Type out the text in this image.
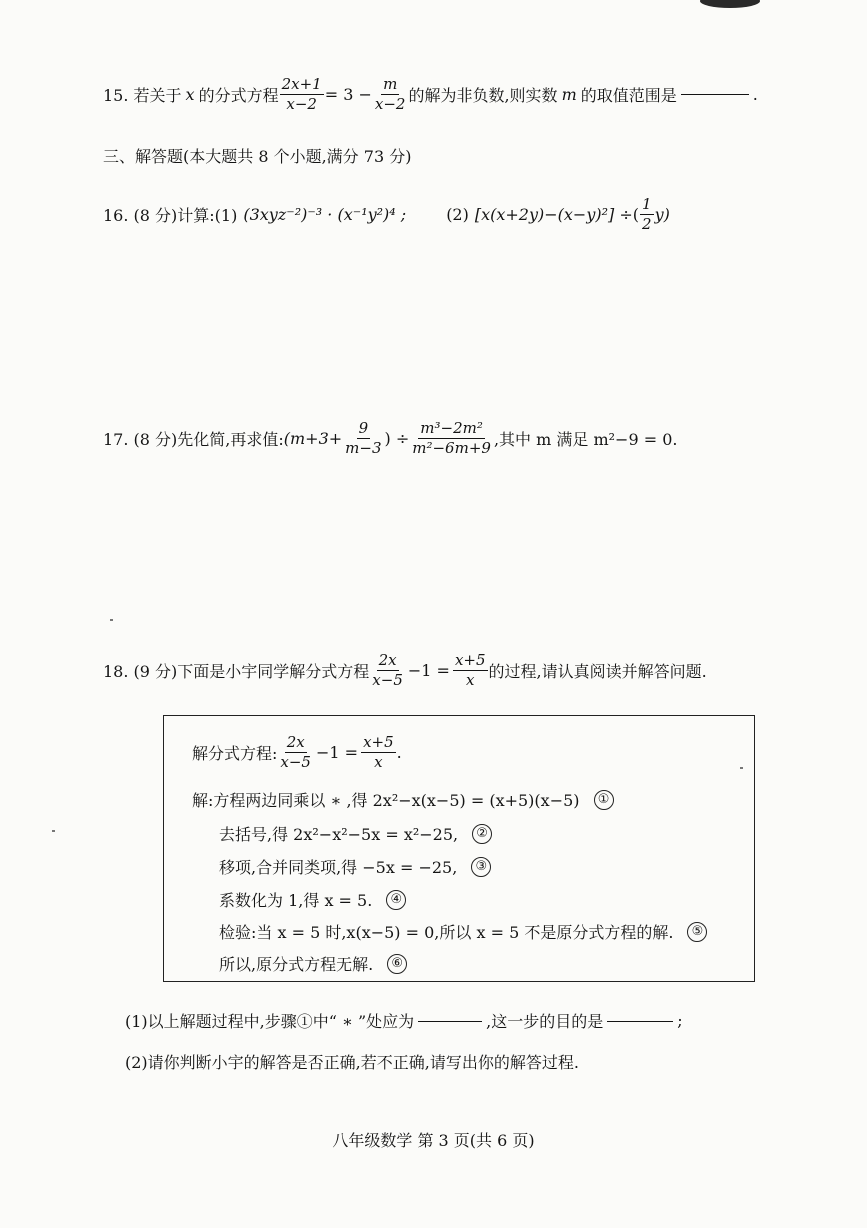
15. 若关于 x 的分式方程 $\frac{2x+1}{x-2} = 3 - \frac{m}{x-2}$ 的解为非负数,则实数 m 的取值范围是	.
三、解答题(本大题共 8 个小题,满分 73 分)
16. (8 分)计算:(1) (3xyz⁻²)⁻³ · (x⁻¹y²)⁴ ;	(2) [x(x+2y)−(x−y)²] ÷ ( $\frac{1}{2} y$)
17. (8 分)先化简,再求值: ($m+3+ \frac{9}{m-3}$ ) ÷ $\frac{\text{m³−2m²}}{\text{m²−6m+9}}$ ,其中 m 满足 m²−9 = 0.
18. (9 分)下面是小宇同学解分式方程 $\frac{2x}{x-5} -1 = \frac{x+5}{x}$ 的过程,请认真阅读并解答问题.
解分式方程: $\frac{2x}{x-5} -1 = \frac{x+5}{x}$ .
解:方程两边同乘以 ∗ ,得 2x²−x(x−5) = (x+5)(x−5)	①
去括号,得 2x²−x²−5x = x²−25,	②
移项,合并同类项,得 −5x = −25,	③
系数化为 1,得 x = 5.	④
检验:当 x = 5 时,x(x−5) = 0,所以 x = 5 不是原分式方程的解.	⑤
所以,原分式方程无解.	⑥
(1)以上解题过程中,步骤①中“ ∗ ”处应为	,这一步的目的是	;
(2)请你判断小宇的解答是否正确,若不正确,请写出你的解答过程.
八年级数学 第 3 页(共 6 页)
